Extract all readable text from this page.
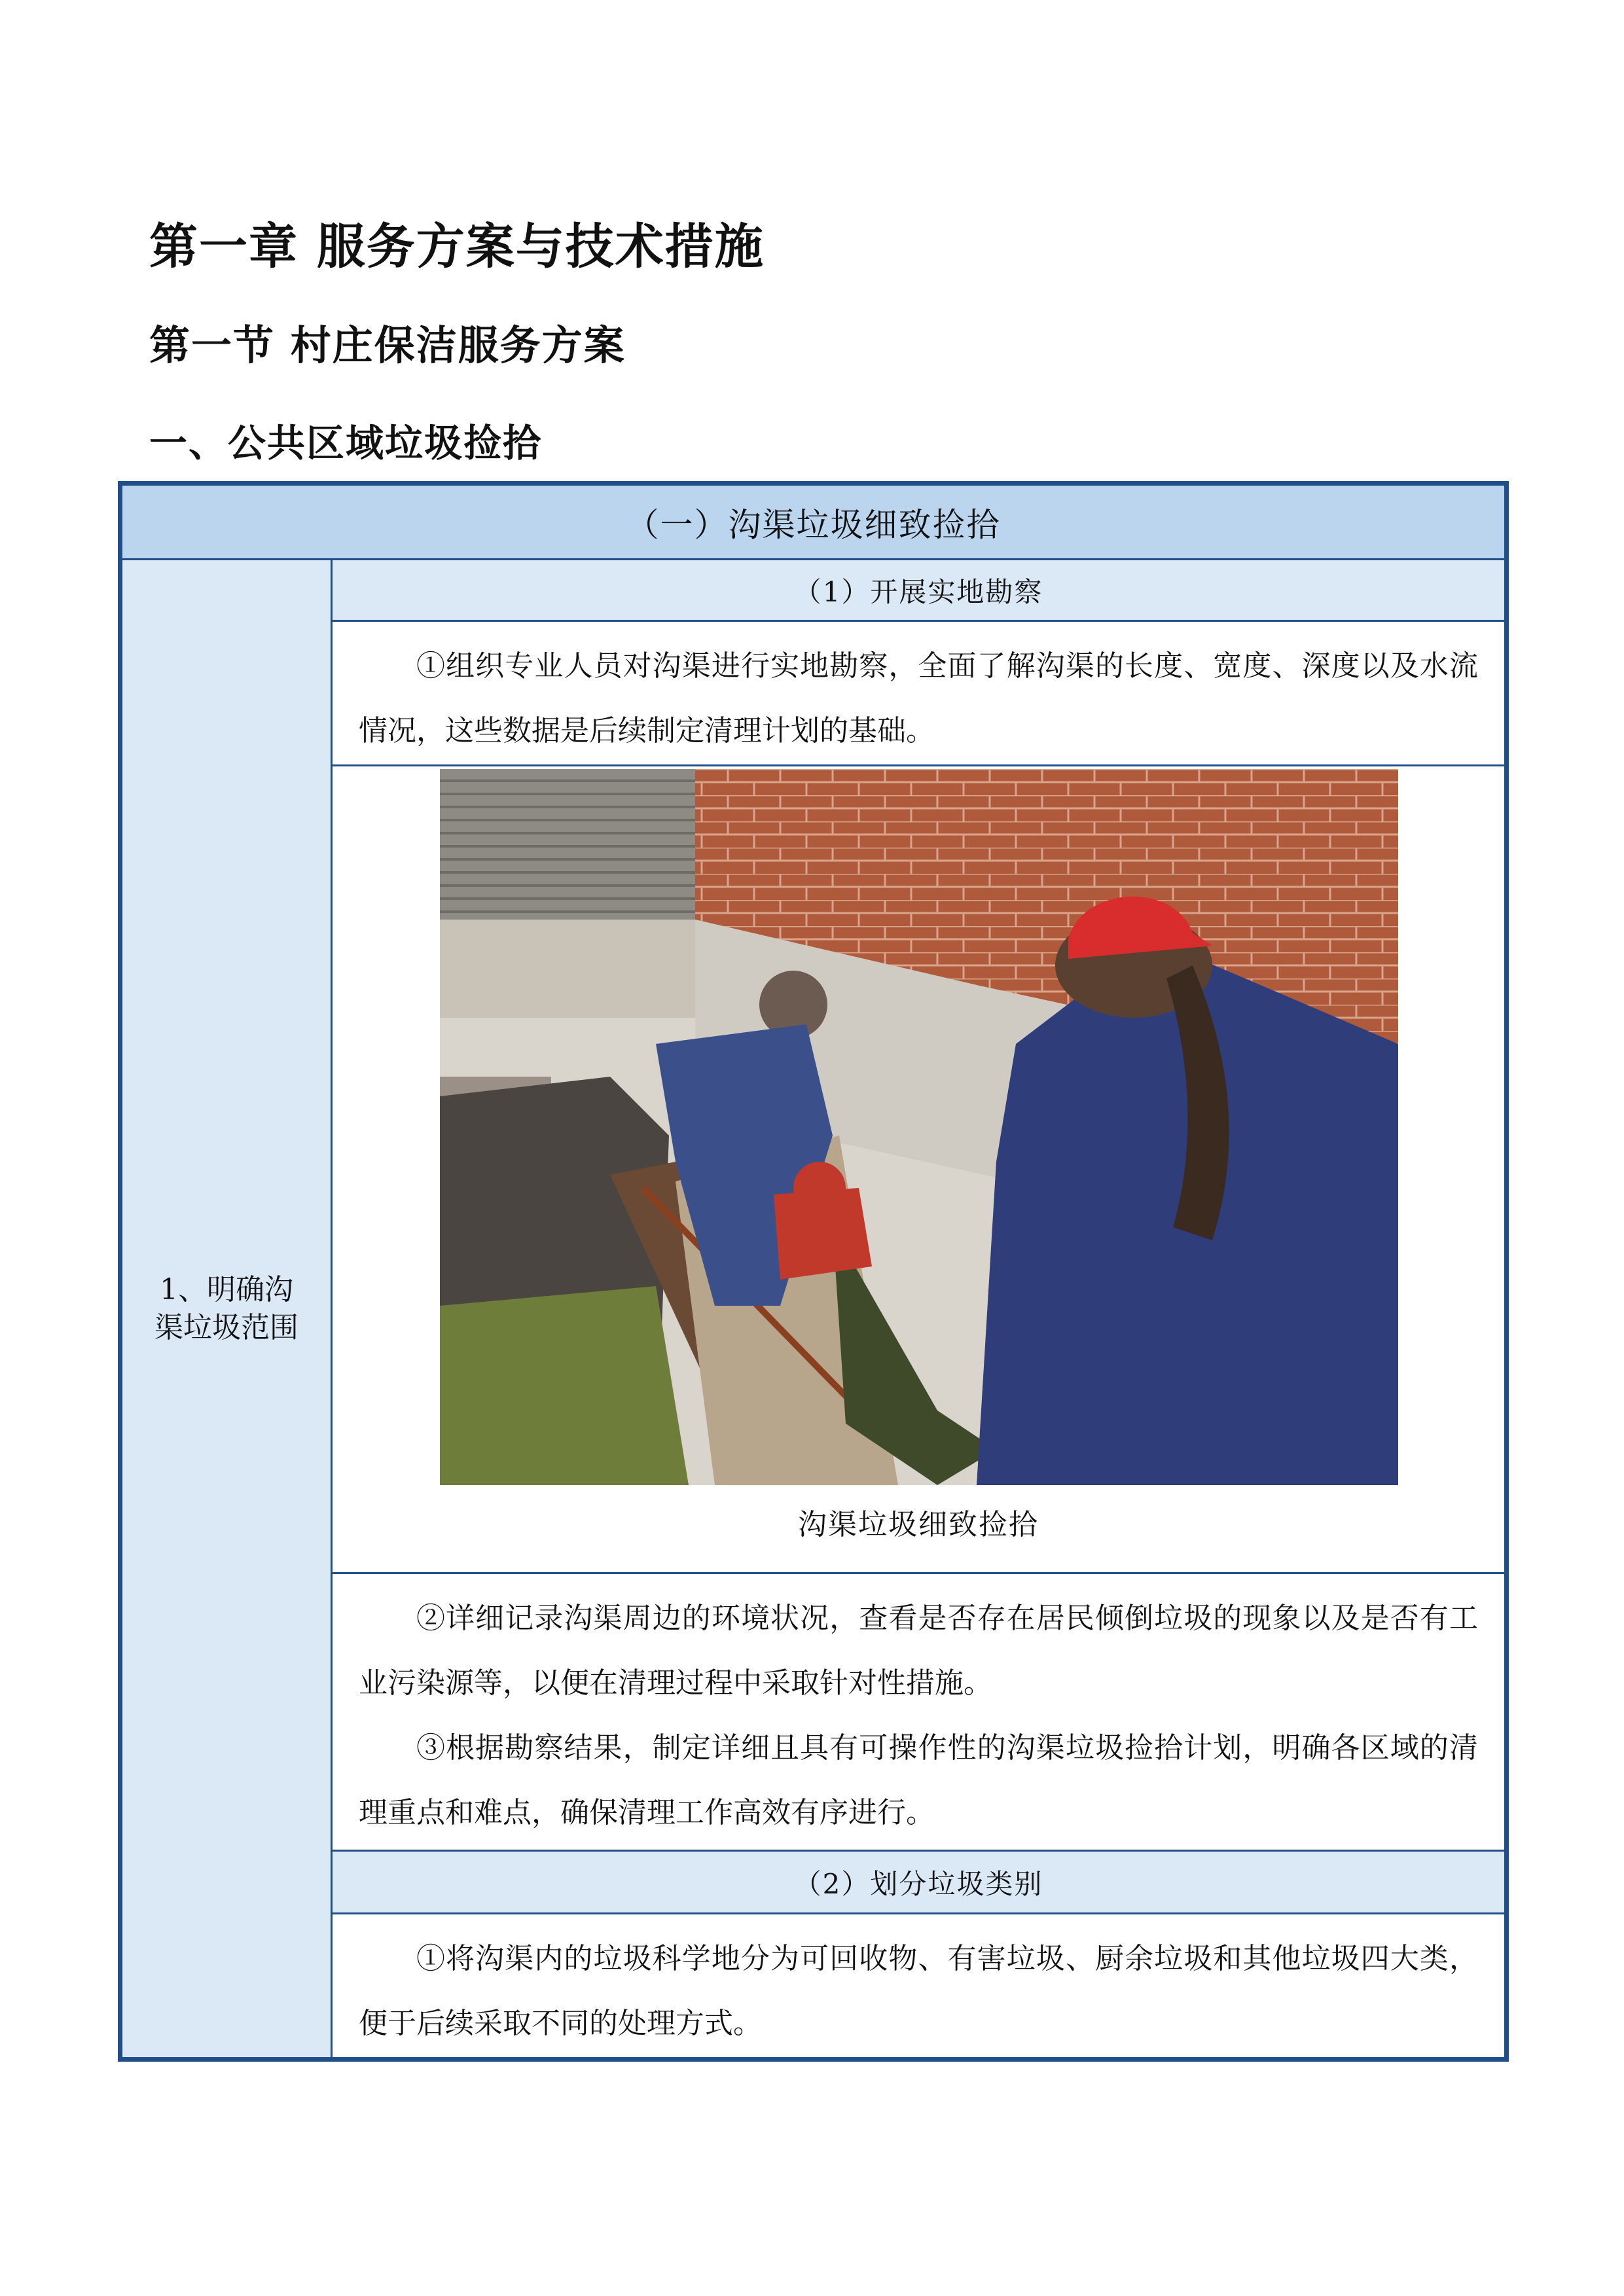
第一章 服务方案与技术措施
第一节 村庄保洁服务方案
一、公共区域垃圾捡拾
（一）沟渠垃圾细致捡拾
1、明确沟渠垃圾范围
（1）开展实地勘察

①组织专业人员对沟渠进行实地勘察，全面了解沟渠的长度、宽度、深度以及水流情况，这些数据是后续制定清理计划的基础。

沟渠垃圾细致捡拾

②详细记录沟渠周边的环境状况，查看是否存在居民倾倒垃圾的现象以及是否有工业污染源等，以便在清理过程中采取针对性措施。

③根据勘察结果，制定详细且具有可操作性的沟渠垃圾捡拾计划，明确各区域的清理重点和难点，确保清理工作高效有序进行。

（2）划分垃圾类别

①将沟渠内的垃圾科学地分为可回收物、有害垃圾、厨余垃圾和其他垃圾四大类，便于后续采取不同的处理方式。
